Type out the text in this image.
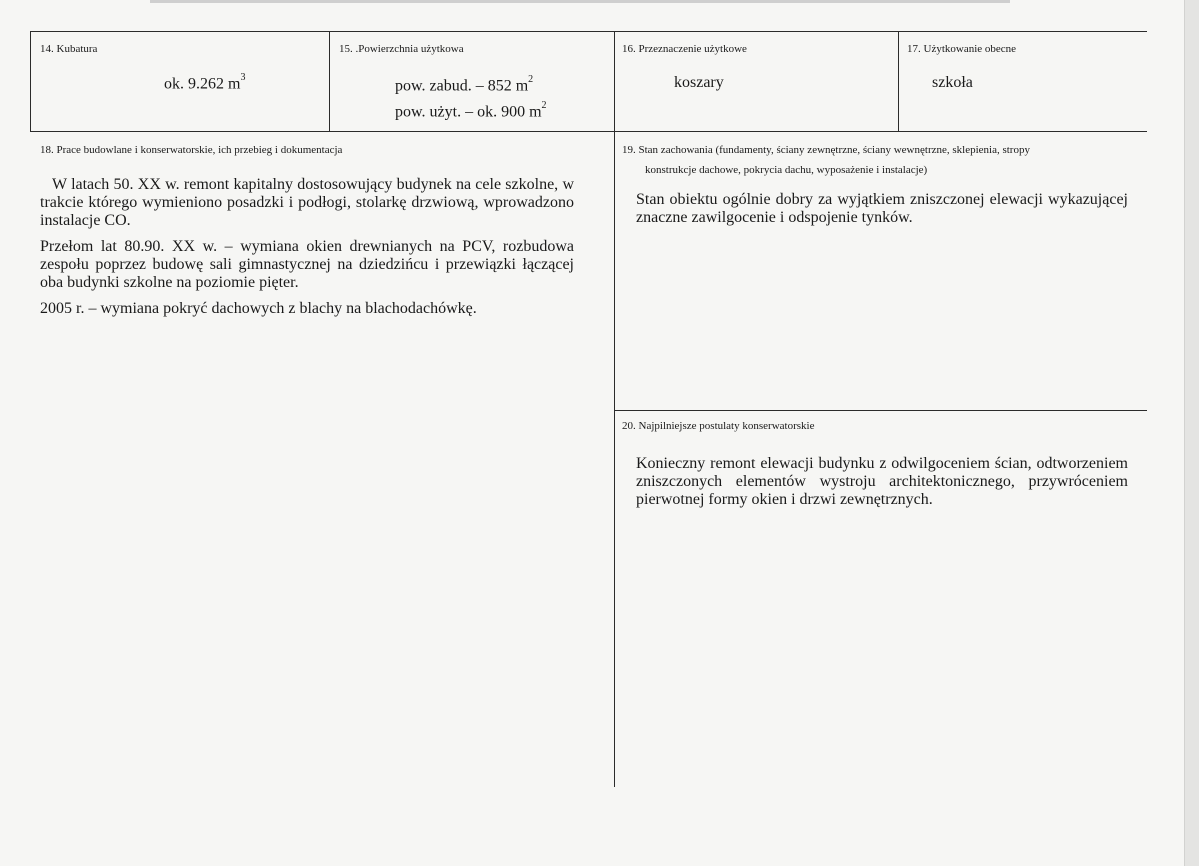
14. Kubatura
ok. 9.262 $m^3$
15. .Powierzchnia użytkowa
pow. zabud. – 852 $m^2$
pow. użyt. – ok. 900 $m^2$
16. Przeznaczenie użytkowe
koszary
17. Użytkowanie obecne
szkoła
18. Prace budowlane i konserwatorskie, ich przebieg i dokumentacja

W latach 50. XX w. remont kapitalny dostosowujący budynek na cele szkolne, w trakcie którego wymieniono posadzki i podłogi, stolarkę drzwiową, wprowadzono instalacje CO.

Przełom lat 80.90. XX w. – wymiana okien drewnianych na PCV, rozbudowa zespołu poprzez budowę sali gimnastycznej na dziedzińcu i przewiązki łączącej oba budynki szkolne na poziomie pięter.

2005 r. – wymiana pokryć dachowych z blachy na blachodachówkę.

19. Stan zachowania (fundamenty, ściany zewnętrzne, ściany wewnętrzne, sklepienia, stropy
konstrukcje dachowe, pokrycia dachu, wyposażenie i instalacje)
Stan obiektu ogólnie dobry za wyjątkiem zniszczonej elewacji wykazującej znaczne zawilgocenie i odspojenie tynków.
20. Najpilniejsze postulaty konserwatorskie
Konieczny remont elewacji budynku z odwilgoceniem ścian, odtworzeniem zniszczonych elementów wystroju architektonicznego, przywróceniem pierwotnej formy okien i drzwi zewnętrznych.
